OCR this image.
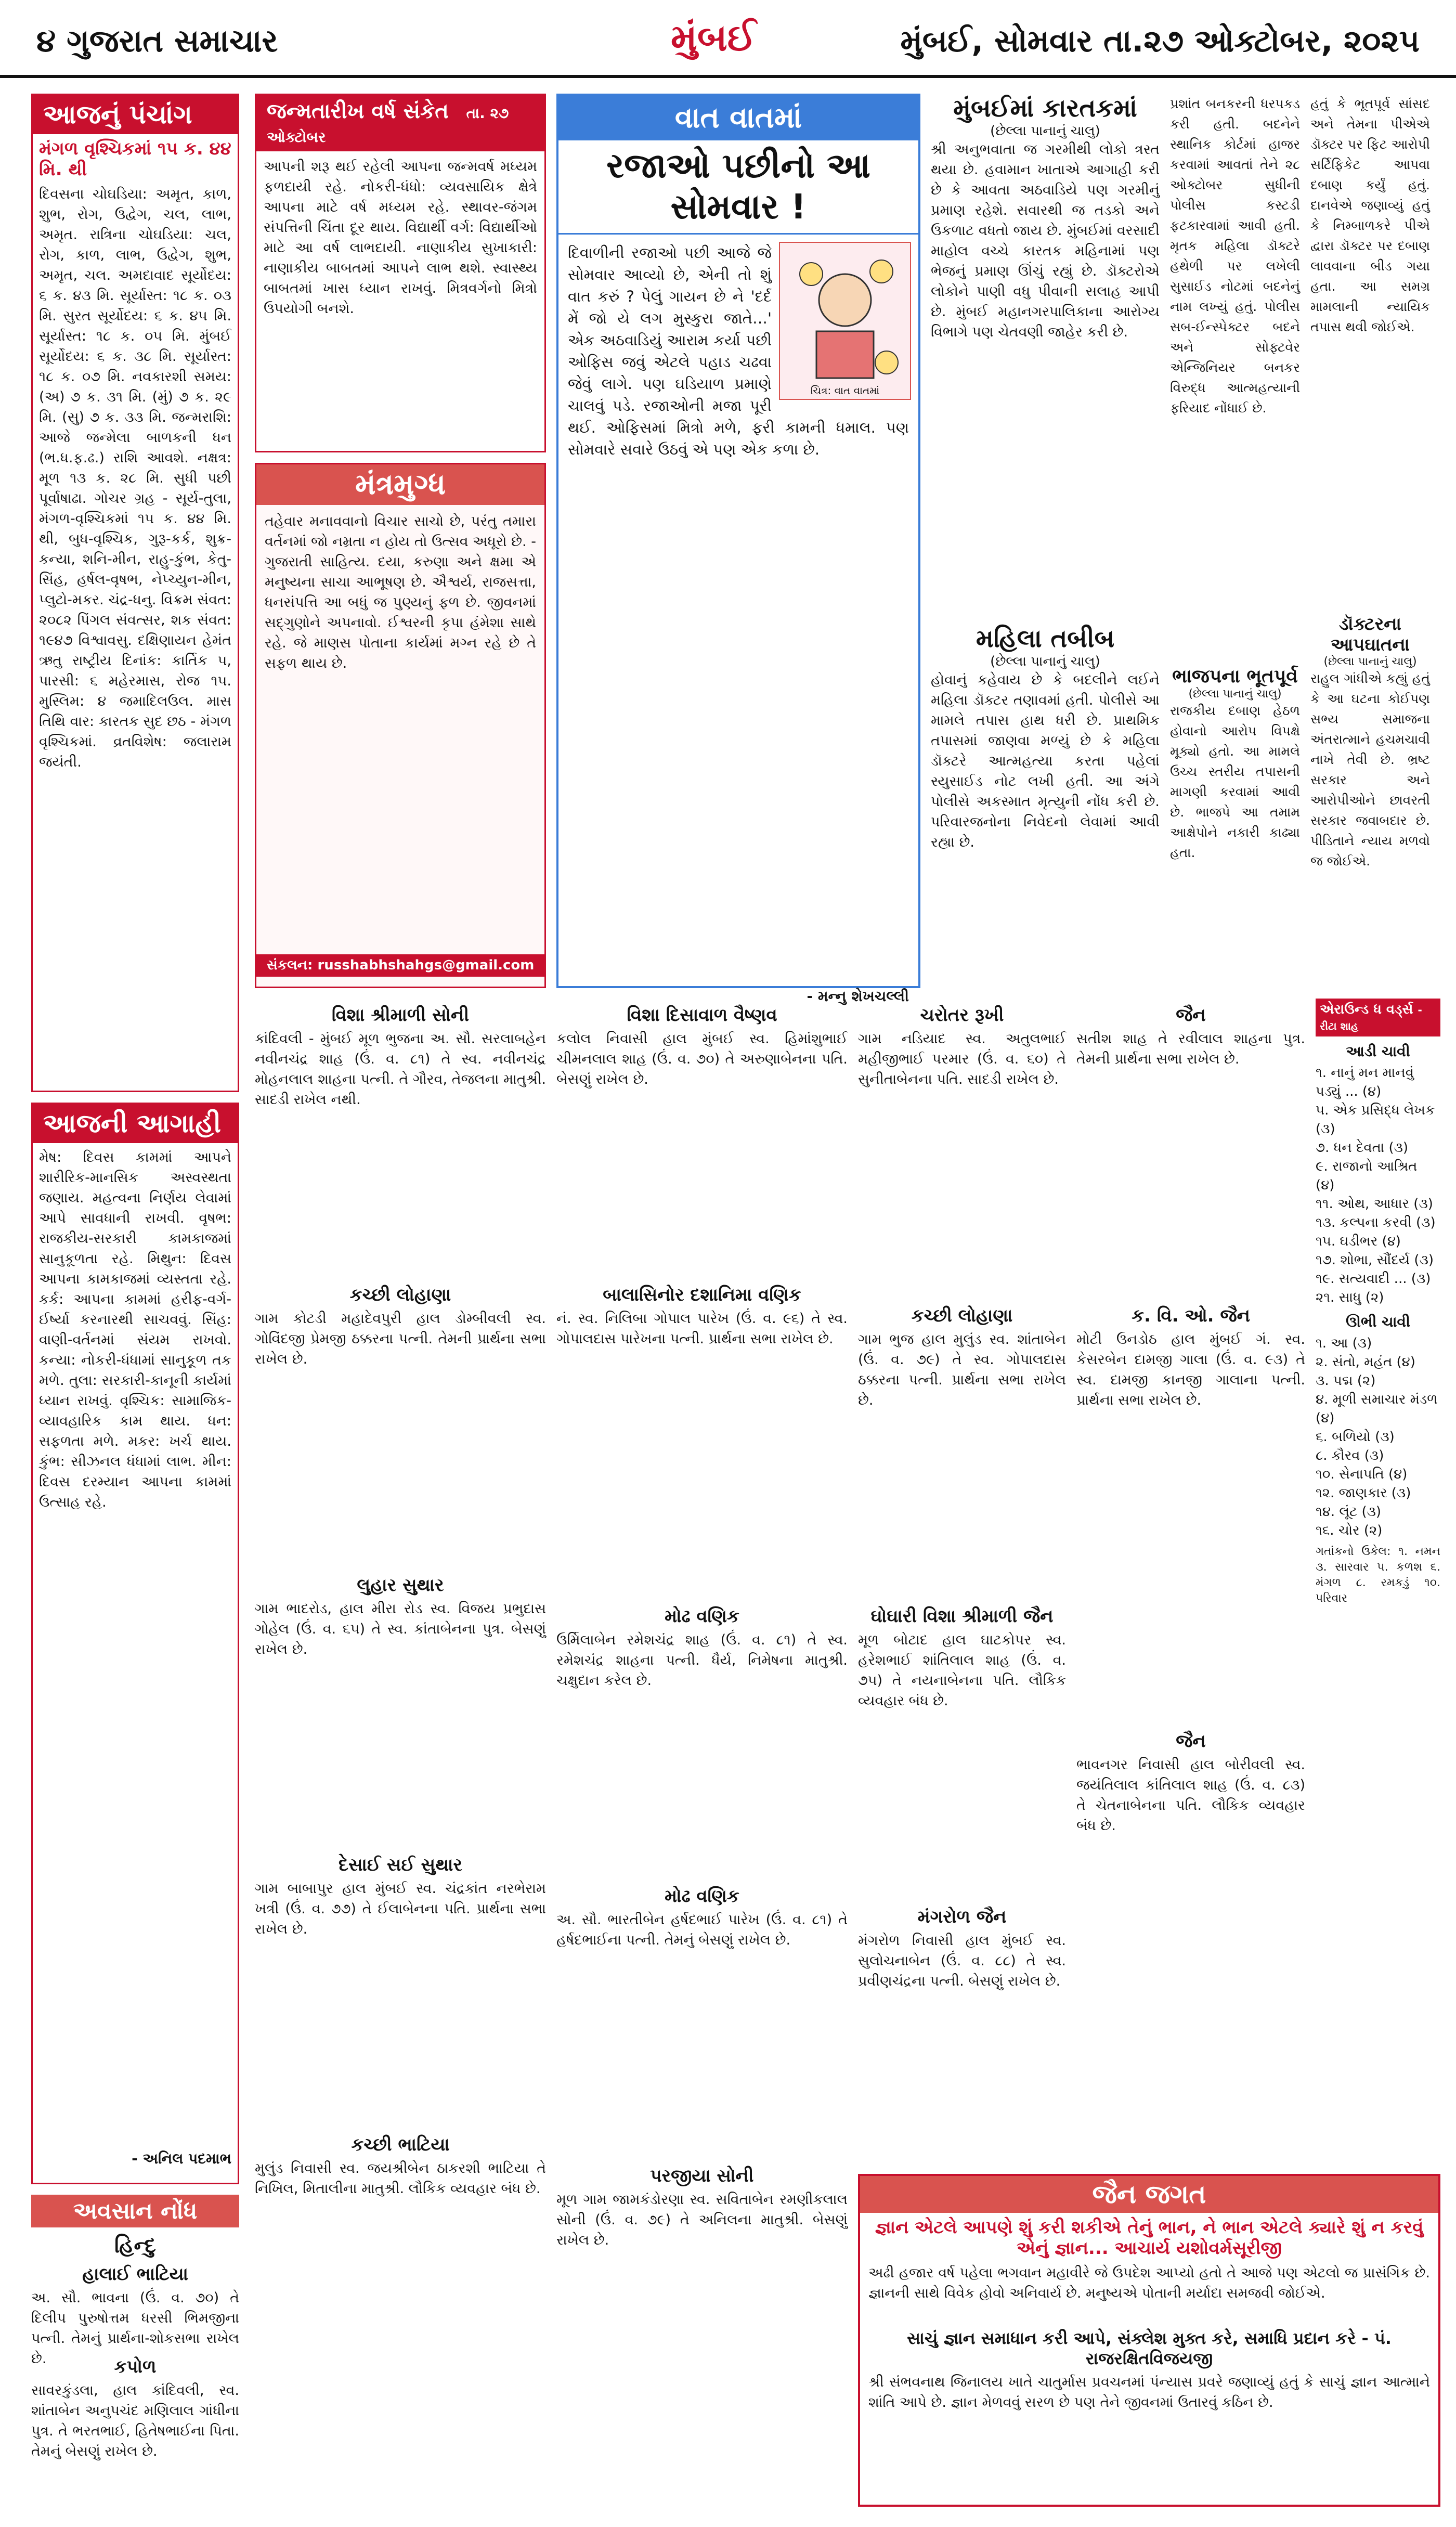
૪ ગુજરાત સમાચાર	મુંબઈ	મુંબઈ, સોમવાર તા.૨૭ ઓક્ટોબર, ૨૦૨૫
આજનું પંચાંગ
મંગળ વૃશ્ચિકમાં ૧૫ ક. ૪૪ મિ. થી
દિવસના ચોઘડિયા: અમૃત, કાળ, શુભ, રોગ, ઉદ્વેગ, ચલ, લાભ, અમૃત. રાત્રિના ચોઘડિયા: ચલ, રોગ, કાળ, લાભ, ઉદ્વેગ, શુભ, અમૃત, ચલ. અમદાવાદ સૂર્યોદય: ૬ ક. ૪૩ મિ. સૂર્યાસ્ત: ૧૮ ક. ૦૩ મિ. સુરત સૂર્યોદય: ૬ ક. ૪૫ મિ. સૂર્યાસ્ત: ૧૮ ક. ૦૫ મિ. મુંબઈ સૂર્યોદય: ૬ ક. ૩૮ મિ. સૂર્યાસ્ત: ૧૮ ક. ૦૭ મિ. નવકારશી સમય: (અ) ૭ ક. ૩૧ મિ. (મું) ૭ ક. ૨૯ મિ. (સુ) ૭ ક. ૩૩ મિ. જન્મરાશિ: આજે જન્મેલા બાળકની ધન (ભ.ધ.ફ.ઢ.) રાશિ આવશે. નક્ષત્ર: મૂળ ૧૩ ક. ૨૮ મિ. સુધી પછી પૂર્વાષાઢા. ગોચર ગ્રહ - સૂર્ય-તુલા, મંગળ-વૃશ્ચિકમાં ૧૫ ક. ૪૪ મિ. થી, બુધ-વૃશ્ચિક, ગુરૂ-કર્ક, શુક્ર-કન્યા, શનિ-મીન, રાહુ-કુંભ, કેતુ-સિંહ, હર્ષલ-વૃષભ, નેપ્ચ્યુન-મીન, પ્લુટો-મકર. ચંદ્ર-ધનુ. વિક્રમ સંવત: ૨૦૮૨ પિંગલ સંવત્સર, શક સંવત: ૧૯૪૭ વિશ્વાવસુ. દક્ષિણાયન હેમંત ઋતુ રાષ્ટ્રીય દિનાંક: કાર્તિક ૫, પારસી: ૬ મહેરમાસ, રોજ ૧૫. મુસ્લિમ: ૪ જમાદિલઉલ. માસ તિથિ વાર: કારતક સુદ છઠ - મંગળ વૃશ્ચિકમાં. વ્રતવિશેષ: જલારામ જયંતી.
આજની આગાહી
મેષ: દિવસ કામમાં આપને શારીરિક-માનસિક અસ્વસ્થતા જણાય. મહત્વના નિર્ણય લેવામાં આપે સાવધાની રાખવી. વૃષભ: રાજકીય-સરકારી કામકાજમાં સાનુકૂળતા રહે. મિથુન: દિવસ આપના કામકાજમાં વ્યસ્તતા રહે. કર્ક: આપના કામમાં હરીફ-વર્ગ-ઈર્ષ્યા કરનારથી સાચવવું. સિંહ: વાણી-વર્તનમાં સંયમ રાખવો. કન્યા: નોકરી-ધંધામાં સાનુકૂળ તક મળે. તુલા: સરકારી-કાનૂની કાર્યમાં ધ્યાન રાખવું. વૃશ્ચિક: સામાજિક-વ્યાવહારિક કામ થાય. ધન: સફળતા મળે. મકર: ખર્ચ થાય. કુંભ: સીઝનલ ધંધામાં લાભ. મીન: દિવસ દરમ્યાન આપના કામમાં ઉત્સાહ રહે.
- અનિલ પદમાભ
અવસાન નોંધ
હિન્દુ
હાલાઈ ભાટિયા
અ. સૌ. ભાવના (ઉં. વ. ૭૦) તે દિલીપ પુરુષોત્તમ ધરસી ભિમજીના પત્ની. તેમનું પ્રાર્થના-શોકસભા રાખેલ છે.	કપોળ
સાવરકુંડલા, હાલ કાંદિવલી, સ્વ. શાંતાબેન અનુપચંદ મણિલાલ ગાંધીના પુત્ર. તે ભરતભાઈ, હિતેષભાઈના પિતા. તેમનું બેસણું રાખેલ છે.
જન્મતારીખ વર્ષ સંકેત તા. ૨૭ ઓક્ટોબર
આપની શરૂ થઈ રહેલી આપના જન્મવર્ષ મધ્યમ ફળદાયી રહે. નોકરી-ધંધો: વ્યવસાયિક ક્ષેત્રે આપના માટે વર્ષ મધ્યમ રહે. સ્થાવર-જંગમ સંપત્તિની ચિંતા દૂર થાય. વિદ્યાર્થી વર્ગ: વિદ્યાર્થીઓ માટે આ વર્ષ લાભદાયી. નાણાકીય સુખાકારી: નાણાકીય બાબતમાં આપને લાભ થશે. સ્વાસ્થ્ય બાબતમાં ખાસ ધ્યાન રાખવું. મિત્રવર્ગનો મિત્રો ઉપયોગી બનશે.
મંત્રમુગ્ધ
તહેવાર મનાવવાનો વિચાર સાચો છે, પરંતુ તમારા વર્તનમાં જો નમ્રતા ન હોય તો ઉત્સવ અધૂરો છે. - ગુજરાતી સાહિત્ય. દયા, કરુણા અને ક્ષમા એ મનુષ્યના સાચા આભૂષણ છે. ઐશ્વર્ય, રાજસત્તા, ધનસંપત્તિ આ બધું જ પુણ્યનું ફળ છે. જીવનમાં સદ્ગુણોને અપનાવો. ઈશ્વરની કૃપા હંમેશા સાથે રહે. જે માણસ પોતાના કાર્યમાં મગ્ન રહે છે તે સફળ થાય છે.
સંકલન: russhabhshahgs@gmail.com
વિશા શ્રીમાળી સોની
કાંદિવલી - મુંબઈ મૂળ ભુજના અ. સૌ. સરલાબહેન નવીનચંદ્ર શાહ (ઉં. વ. ૮૧) તે સ્વ. નવીનચંદ્ર મોહનલાલ શાહના પત્ની. તે ગૌરવ, તેજલના માતુશ્રી. સાદડી રાખેલ નથી.
કચ્છી લોહાણા
ગામ કોટડી મહાદેવપુરી હાલ ડોમ્બીવલી સ્વ. ગોવિંદજી પ્રેમજી ઠક્કરના પત્ની. તેમની પ્રાર્થના સભા રાખેલ છે.
લુહાર સુથાર
ગામ ભાદરોડ, હાલ મીરા રોડ સ્વ. વિજય પ્રભુદાસ ગોહેલ (ઉં. વ. ૬૫) તે સ્વ. કાંતાબેનના પુત્ર. બેસણું રાખેલ છે.
દેસાઈ સઈ સુથાર
ગામ બાબાપુર હાલ મુંબઈ સ્વ. ચંદ્રકાંત નરભેરામ ખત્રી (ઉં. વ. ૭૭) તે ઈલાબેનના પતિ. પ્રાર્થના સભા રાખેલ છે.
કચ્છી ભાટિયા
મુલુંડ નિવાસી સ્વ. જયશ્રીબેન ઠાકરશી ભાટિયા તે નિખિલ, મિતાલીના માતુશ્રી. લૌકિક વ્યવહાર બંધ છે.
વિશા દિસાવાળ વૈષ્ણવ
કલોલ નિવાસી હાલ મુંબઈ સ્વ. હિમાંશુભાઈ ચીમનલાલ શાહ (ઉં. વ. ૭૦) તે અરુણાબેનના પતિ. બેસણું રાખેલ છે.
બાલાસિનોર દશાનિમા વણિક
નં. સ્વ. નિલિબા ગોપાલ પારેખ (ઉં. વ. ૯૬) તે સ્વ. ગોપાલદાસ પારેખના પત્ની. પ્રાર્થના સભા રાખેલ છે.
મોઢ વણિક
ઉર્મિલાબેન રમેશચંદ્ર શાહ (ઉં. વ. ૮૧) તે સ્વ. રમેશચંદ્ર શાહના પત્ની. ધૈર્ય, નિમેષના માતુશ્રી. ચક્ષુદાન કરેલ છે.
મોઢ વણિક
અ. સૌ. ભારતીબેન હર્ષદભાઈ પારેખ (ઉં. વ. ૮૧) તે હર્ષદભાઈના પત્ની. તેમનું બેસણું રાખેલ છે.
પરજીયા સોની
મૂળ ગામ જામકંડોરણા સ્વ. સવિતાબેન રમણીકલાલ સોની (ઉં. વ. ૭૯) તે અનિલના માતુશ્રી. બેસણું રાખેલ છે.
વાત વાતમાં
રજાઓ પછીનો આ સોમવાર !
ચિત્ર: વાત વાતમાં
દિવાળીની રજાઓ પછી આજે જે સોમવાર આવ્યો છે, એની તો શું વાત કરું ? પેલું ગાયન છે ને 'દર્દ મેં જો યે લગ મુસ્કુરા જાતે…' એક અઠવાડિયું આરામ કર્યા પછી ઓફિસ જવું એટલે પહાડ ચઢવા જેવું લાગે. પણ ઘડિયાળ પ્રમાણે ચાલવું પડે. રજાઓની મજા પૂરી થઈ. ઓફિસમાં મિત્રો મળે, ફરી કામની ધમાલ. પણ સોમવારે સવારે ઉઠવું એ પણ એક કળા છે.
- મન્નુ શેખચલ્લી
ચરોતર રૂખી
ગામ નડિયાદ સ્વ. અતુલભાઈ મહીજીભાઈ પરમાર (ઉં. વ. ૬૦) તે સુનીતાબેનના પતિ. સાદડી રાખેલ છે.
કચ્છી લોહાણા
ગામ ભુજ હાલ મુલુંડ સ્વ. શાંતાબેન (ઉં. વ. ૭૯) તે સ્વ. ગોપાલદાસ ઠક્કરના પત્ની. પ્રાર્થના સભા રાખેલ છે.
ઘોઘારી વિશા શ્રીમાળી જૈન
મૂળ બોટાદ હાલ ઘાટકોપર સ્વ. હરેશભાઈ શાંતિલાલ શાહ (ઉં. વ. ૭૫) તે નયનાબેનના પતિ. લૌકિક વ્યવહાર બંધ છે.
મંગરોળ જૈન
મંગરોળ નિવાસી હાલ મુંબઈ સ્વ. સુલોચનાબેન (ઉં. વ. ૮૮) તે સ્વ. પ્રવીણચંદ્રના પત્ની. બેસણું રાખેલ છે.
જૈન
સતીશ શાહ તે રવીલાલ શાહના પુત્ર. તેમની પ્રાર્થના સભા રાખેલ છે.
ક. વિ. ઓ. જૈન
મોટી ઉનડોઠ હાલ મુંબઈ ગં. સ્વ. કેસરબેન દામજી ગાલા (ઉં. વ. ૯૩) તે સ્વ. દામજી કાનજી ગાલાના પત્ની. પ્રાર્થના સભા રાખેલ છે.
જૈન
ભાવનગર નિવાસી હાલ બોરીવલી સ્વ. જયંતિલાલ કાંતિલાલ શાહ (ઉં. વ. ૮૩) તે ચેતનાબેનના પતિ. લૌકિક વ્યવહાર બંધ છે.
મુંબઈમાં કારતકમાં
(છેલ્લા પાનાનું ચાલુ)
શ્રી અનુભવાતા જ ગરમીથી લોકો ત્રસ્ત થયા છે. હવામાન ખાતાએ આગાહી કરી છે કે આવતા અઠવાડિયે પણ ગરમીનું પ્રમાણ રહેશે. સવારથી જ તડકો અને ઉકળાટ વધતો જાય છે. મુંબઈમાં વરસાદી માહોલ વચ્ચે કારતક મહિનામાં પણ ભેજનું પ્રમાણ ઊંચું રહ્યું છે. ડૉક્ટરોએ લોકોને પાણી વધુ પીવાની સલાહ આપી છે. મુંબઈ મહાનગરપાલિકાના આરોગ્ય વિભાગે પણ ચેતવણી જાહેર કરી છે.
મહિલા તબીબ
(છેલ્લા પાનાનું ચાલુ)
હોવાનું કહેવાય છે કે બદલીને લઈને મહિલા ડૉક્ટર તણાવમાં હતી. પોલીસે આ મામલે તપાસ હાથ ધરી છે. પ્રાથમિક તપાસમાં જાણવા મળ્યું છે કે મહિલા ડૉક્ટરે આત્મહત્યા કરતા પહેલાં સ્યુસાઈડ નોટ લખી હતી. આ અંગે પોલીસે અકસ્માત મૃત્યુની નોંધ કરી છે. પરિવારજનોના નિવેદનો લેવામાં આવી રહ્યા છે.
પ્રશાંત બનકરની ધરપકડ કરી હતી. બદનેને સ્થાનિક કોર્ટમાં હાજર કરવામાં આવતાં તેને ૨૮ ઓક્ટોબર સુધીની પોલીસ કસ્ટડી ફટકારવામાં આવી હતી. મૃતક મહિલા ડૉક્ટરે હથેળી પર લખેલી સુસાઈડ નોટમાં બદનેનું નામ લખ્યું હતું. પોલીસ સબ-ઈન્સ્પેક્ટર બદને અને સોફ્ટવેર એન્જિનિયર બનકર વિરુદ્ધ આત્મહત્યાની ફરિયાદ નોંધાઈ છે.
ભાજપના ભૂતપૂર્વ
(છેલ્લા પાનાનું ચાલુ)
રાજકીય દબાણ હેઠળ હોવાનો આરોપ વિપક્ષે મૂક્યો હતો. આ મામલે ઉચ્ચ સ્તરીય તપાસની માગણી કરવામાં આવી છે. ભાજપે આ તમામ આક્ષેપોને નકારી કાઢ્યા હતા.
હતું કે ભૂતપૂર્વ સાંસદ અને તેમના પીએએ ડૉક્ટર પર ફિટ આરોપી સર્ટિફિકેટ આપવા દબાણ કર્યું હતું. દાનવેએ જણાવ્યું હતું કે નિમ્બાળકરે પીએ દ્વારા ડૉક્ટર પર દબાણ લાવવાના બીડ ગયા હતા. આ સમગ્ર મામલાની ન્યાયિક તપાસ થવી જોઈએ.
ડૉક્ટરના આપઘાતના
(છેલ્લા પાનાનું ચાલુ)
રાહુલ ગાંધીએ કહ્યું હતું કે આ ઘટના કોઈપણ સભ્ય સમાજના અંતરાત્માને હચમચાવી નાખે તેવી છે. ભ્રષ્ટ સરકાર અને આરોપીઓને છાવરતી સરકાર જવાબદાર છે. પીડિતાને ન્યાય મળવો જ જોઈએ.
એરાઉન્ડ ધ વર્ડ્સ - રીટા શાહ
આડી ચાવી
૧. નાનું મન માનવું પડ્યું ... (૪)
૫. એક પ્રસિદ્ધ લેખક (૩)
૭. ધન દેવતા (૩)
૯. રાજાનો આશ્રિત (૪)
૧૧. ઓથ, આધાર (૩)
૧૩. કલ્પના કરવી (૩)
૧૫. ઘડીભર (૪)
૧૭. શોભા, સૌંદર્ય (૩)
૧૯. સત્યવાદી ... (૩)
૨૧. સાધુ (૨)
ઊભી ચાવી
૧. આ (૩)
૨. સંતો, મહંત (૪)
૩. પદ્મ (૨)
૪. મૂળી સમાચાર મંડળ (૪)
૬. બળિયો (૩)
૮. કૌરવ (૩)
૧૦. સેનાપતિ (૪)
૧૨. જાણકાર (૩)
૧૪. લૂંટ (૩)
૧૬. ચોર (૨)
ગતાંકનો ઉકેલ: ૧. નમન ૩. સારવાર ૫. કળશ ૬. મંગળ ૮. રમકડું ૧૦. પરિવાર
જૈન જગત
જ્ઞાન એટલે આપણે શું કરી શકીએ તેનું ભાન, ને ભાન એટલે ક્યારે શું ન કરવું એનું જ્ઞાન... આચાર્ય યશોવર્મસૂરીજી
અઢી હજાર વર્ષ પહેલા ભગવાન મહાવીરે જે ઉપદેશ આપ્યો હતો તે આજે પણ એટલો જ પ્રાસંગિક છે. જ્ઞાનની સાથે વિવેક હોવો અનિવાર્ય છે. મનુષ્યએ પોતાની મર્યાદા સમજવી જોઈએ.
સાચું જ્ઞાન સમાધાન કરી આપે, સંક્લેશ મુક્ત કરે, સમાધિ પ્રદાન કરે - પં. રાજરક્ષિતવિજયજી
શ્રી સંભવનાથ જિનાલય ખાતે ચાતુર્માસ પ્રવચનમાં પંન્યાસ પ્રવરે જણાવ્યું હતું કે સાચું જ્ઞાન આત્માને શાંતિ આપે છે. જ્ઞાન મેળવવું સરળ છે પણ તેને જીવનમાં ઉતારવું કઠિન છે.
